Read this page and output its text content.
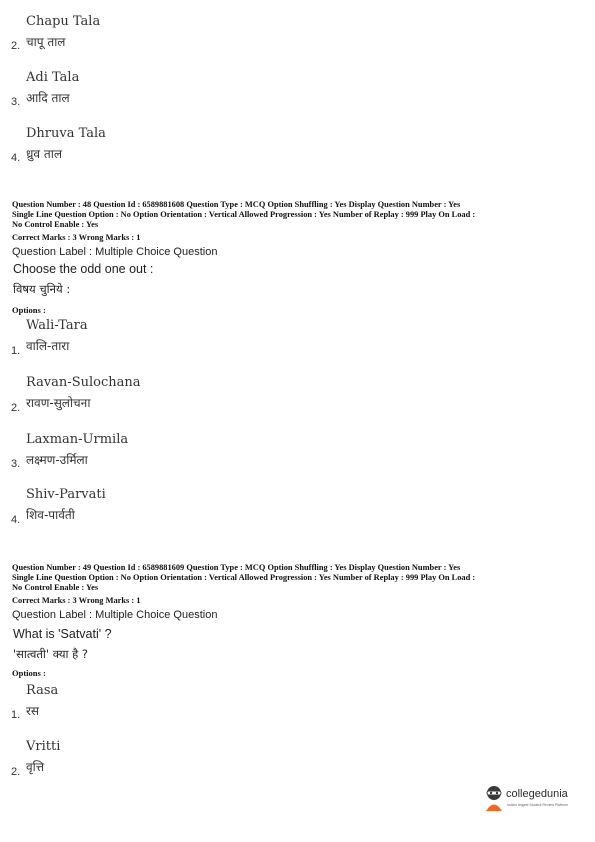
Chapu Tala
2. चापू ताल
Adi Tala
3. आदि ताल
Dhruva Tala
4. ध्रुव ताल
Question Number : 48 Question Id : 6589881608 Question Type : MCQ Option Shuffling : Yes Display Question Number : Yes
Single Line Question Option : No Option Orientation : Vertical Allowed Progression : Yes Number of Replay : 999 Play On Load :
No Control Enable : Yes
Correct Marks : 3 Wrong Marks : 1
Question Label : Multiple Choice Question
Choose the odd one out :
विषय चुनिये :
Options :
Wali-Tara
1. वालि-तारा
Ravan-Sulochana
2. रावण-सुलोचना
Laxman-Urmila
3. लक्ष्मण-उर्मिला
Shiv-Parvati
4. शिव-पार्वती
Question Number : 49 Question Id : 6589881609 Question Type : MCQ Option Shuffling : Yes Display Question Number : Yes
Single Line Question Option : No Option Orientation : Vertical Allowed Progression : Yes Number of Replay : 999 Play On Load :
No Control Enable : Yes
Correct Marks : 3 Wrong Marks : 1
Question Label : Multiple Choice Question
What is 'Satvati' ?
'सात्वती' क्या है ?
Options :
Rasa
1. रस
Vritti
2. वृत्ति
collegedunia
India's largest Student Review Platform
